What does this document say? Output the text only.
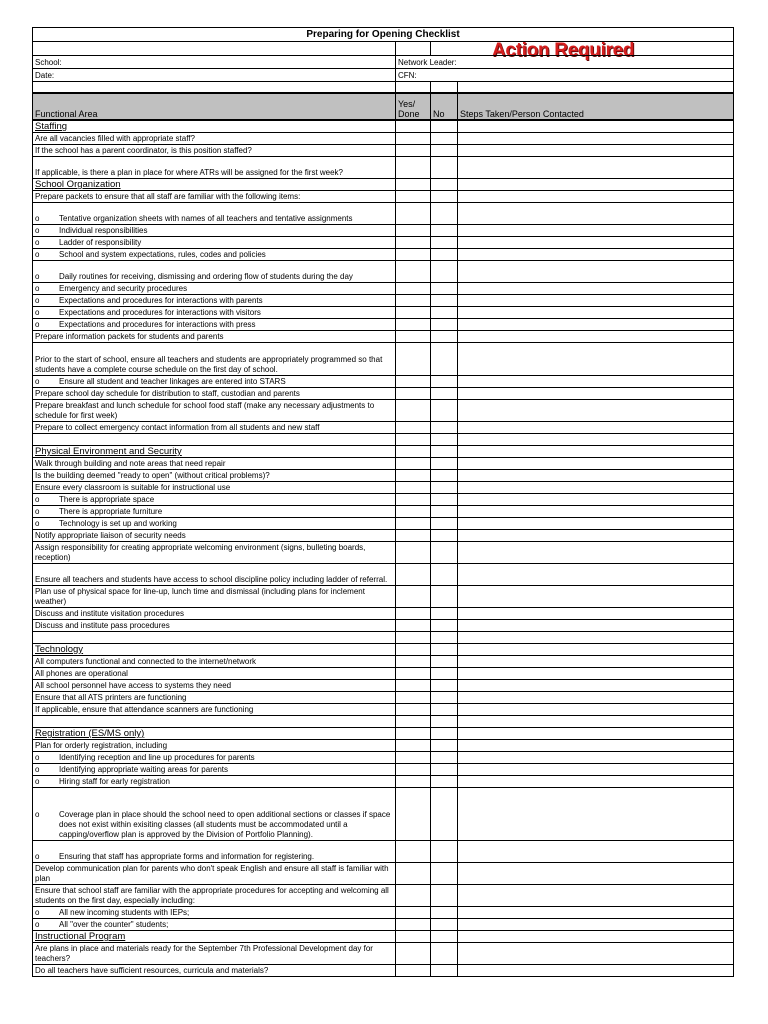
Action Required
Preparing for Opening Checklist			

School:	Network Leader:		
Date:	CFN:		

Functional Area	Yes/ Done	No	Steps Taken/Person Contacted
Staffing			
Are all vacancies filled with appropriate staff?			
If the school has a parent coordinator, is this position staffed?			
If applicable, is there a plan in place for where ATRs will be assigned for the first week?			
School Organization			
Prepare packets to ensure that all staff are familiar with the following items:			

o Tentative organization sheets with names of all teachers and tentative assignments			

o Individual responsibilities			

o Ladder of responsibility			

o School and system expectations, rules, codes and policies			

o Daily routines for receiving, dismissing and ordering flow of students during the day			

o Emergency and security procedures			

o Expectations and procedures for interactions with parents			

o Expectations and procedures for interactions with visitors			

o Expectations and procedures for interactions with press			

Prepare information packets for students and parents			
Prior to the start of school, ensure all teachers and students are appropriately programmed so that students have a complete course schedule on the first day of school.			

o Ensure all student and teacher linkages are entered into STARS			

Prepare school day schedule for distribution to staff, custodian and parents			
Prepare breakfast and lunch schedule for school food staff (make any necessary adjustments to schedule for first week)			
Prepare to collect emergency contact information from all students and new staff			

Physical Environment and Security			
Walk through building and note areas that need repair			
Is the building deemed "ready to open" (without critical problems)?			
Ensure every classroom is suitable for instructional use			

o There is appropriate space			

o There is appropriate furniture			

o Technology is set up and working			

Notify appropriate liaison of security needs			
Assign responsibility for creating appropriate welcoming environment (signs, bulleting boards, reception)			
Ensure all teachers and students have access to school discipline policy including ladder of referral.			
Plan use of physical space for line-up, lunch time and dismissal (including plans for inclement weather)			
Discuss and institute visitation procedures			
Discuss and institute pass procedures			

Technology			
All computers functional and connected to the internet/network			
All phones are operational			
All school personnel have access to systems they need			
Ensure that all ATS printers are functioning			
If applicable, ensure that attendance scanners are functioning			

Registration (ES/MS only)			
Plan for orderly registration, including			

o Identifying reception and line up procedures for parents			

o Identifying appropriate waiting areas for parents			

o Hiring staff for early registration			

o Coverage plan in place should the school need to open additional sections or classes if space does not exist within exisiting classes (all students must be accommodated until a capping/overflow plan is approved by the Division of Portfolio Planning).			

o Ensuring that staff has appropriate forms and information for registering.			

Develop communication plan for parents who don't speak English and ensure all staff is familiar with plan			
Ensure that school staff are familiar with the appropriate procedures for accepting and welcoming all students on the first day, especially including:			

o All new incoming students with IEPs;			

o All "over the counter" students;			

Instructional Program			
Are plans in place and materials ready for the September 7th Professional Development day for teachers?			
Do all teachers have sufficient resources, curricula and materials?			
